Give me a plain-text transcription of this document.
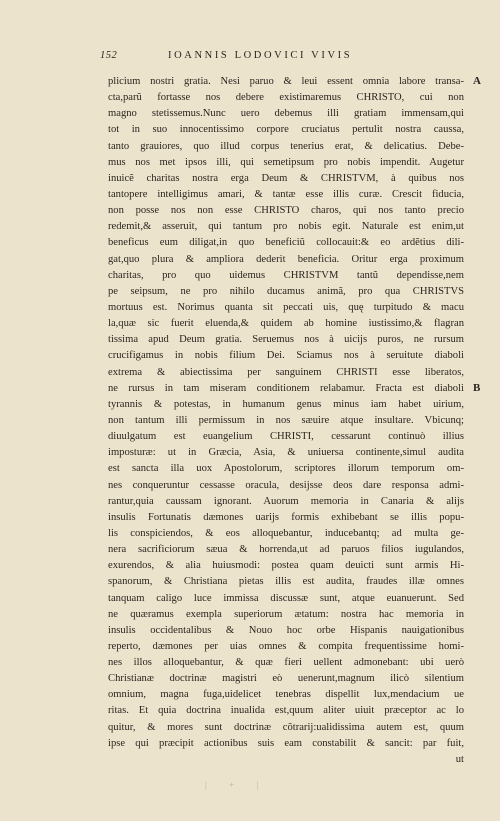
152	IOANNIS LODOVICI VIVIS
A
B
plicium nostri gratia. Nesi paruo & leui essent omnia labore transa-
cta,parũ fortasse nos debere existimaremus CHRISTO, cui non
magno stetissemus.Nunc uero debemus illi gratiam immensam,qui
tot in suo innocentissimo corpore cruciatus pertulit nostra caussa,
tanto grauiores, quo illud corpus tenerius erat, & delicatius. Debe-
mus nos met ipsos illi, qui semetipsum pro nobis impendit. Augetur
inuicẽ charitas nostra erga Deum & CHRISTVM, à quibus nos
tantopere intelligimus amari, & tantæ esse illis curæ. Crescit fiducia,
non posse nos non esse CHRISTO charos, qui nos tanto precio
redemit,& asseruit, qui tantum pro nobis egit. Naturale est enim,ut
beneficus eum diligat,in quo beneficiũ collocauit:& eo ardẽtius dili-
gat,quo plura & ampliora dederit beneficia. Oritur erga proximum
charitas, pro quo uidemus CHRISTVM tantũ dependisse,nem
pe seipsum, ne pro nihilo ducamus animã, pro qua CHRISTVS
mortuus est. Norimus quanta sit peccati uis, quę turpitudo & macu
la,quæ sic fuerit eluenda,& quidem ab homine iustissimo,& flagran
tissima apud Deum gratia. Seruemus nos à uicijs puros, ne rursum
crucifigamus in nobis filium Dei. Sciamus nos à seruitute diaboli
extrema & abiectissima per sanguinem CHRISTI esse liberatos,
ne rursus in tam miseram conditionem relabamur. Fracta est diaboli
tyrannis & potestas, in humanum genus minus iam habet uirium,
non tantum illi permissum in nos sæuire atque insultare. Vbicunq;
diuulgatum est euangelium CHRISTI, cessarunt continuò illius
imposturæ: ut in Græcia, Asia, & uniuersa continente,simul audita
est sancta illa uox Apostolorum, scriptores illorum temporum om-
nes conqueruntur cessasse oracula, desijsse deos dare responsa admi-
rantur,quia caussam ignorant. Auorum memoria in Canaria & alijs
insulis Fortunatis dæmones uarijs formis exhibebant se illis popu-
lis conspiciendos, & eos alloquebantur, inducebantq; ad multa ge-
nera sacrificiorum sæua & horrenda,ut ad paruos filios iugulandos,
exurendos, & alia huiusmodi: postea quam deuicti sunt armis Hi-
spanorum, & Christiana pietas illis est audita, fraudes illæ omnes
tanquam caligo luce immissa discussæ sunt, atque euanuerunt. Sed
ne quæramus exempla superiorum ætatum: nostra hac memoria in
insulis occidentalibus & Nouo hoc orbe Hispanis nauigationibus
reperto, dæmones per uias omnes & compita frequentissime homi-
nes illos alloquebantur, & quæ fieri uellent admonebant: ubi uerò
Christianæ doctrinæ magistri eò uenerunt,magnum ilicò silentium
omnium, magna fuga,uidelicet tenebras dispellit lux,mendacium ue
ritas. Et quia doctrina inualida est,quum aliter uiuit præceptor ac lo
quitur, & mores sunt doctrinæ cõtrarij:ualidissima autem est, quum
ipse qui præcipit actionibus suis eam constabilit & sancit: par fuit,
ut
| + |
